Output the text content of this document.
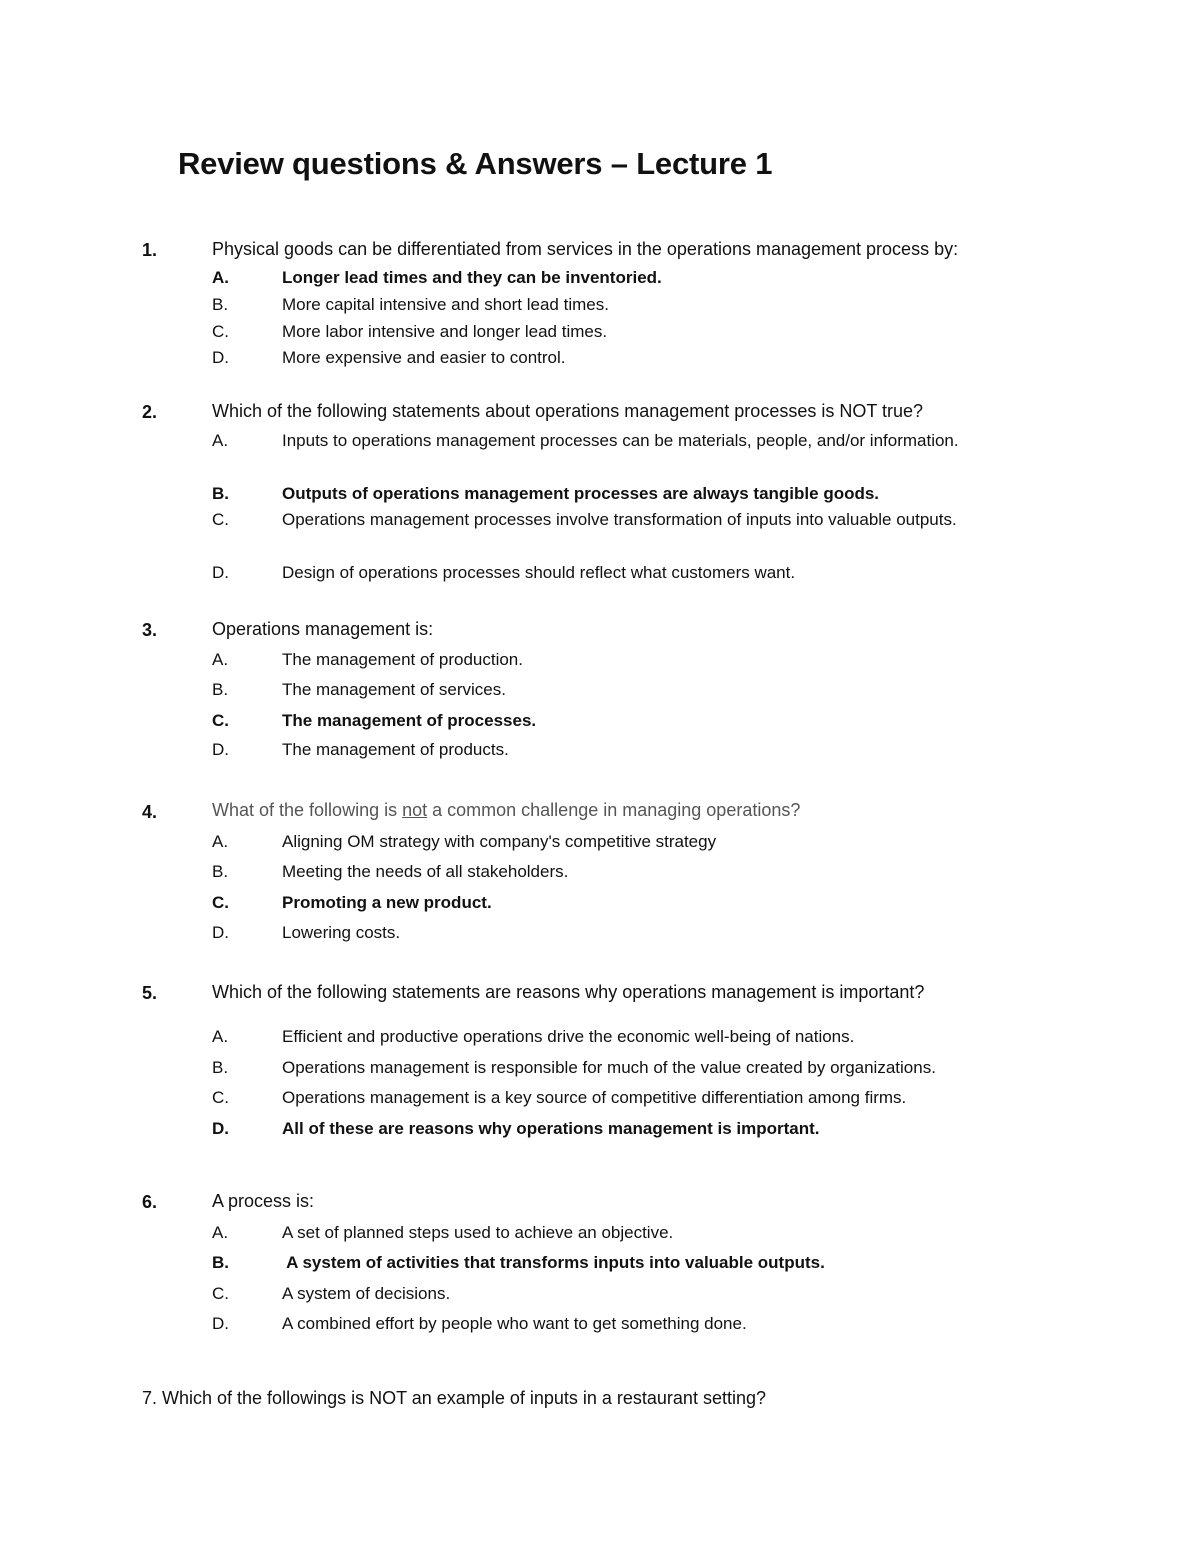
Review questions & Answers – Lecture 1
1.	Physical goods can be differentiated from services in the operations management process by:
A.	Longer lead times and they can be inventoried.
B.	More capital intensive and short lead times.
C.	More labor intensive and longer lead times.
D.	More expensive and easier to control.
2.	Which of the following statements about operations management processes is NOT true?
A.	Inputs to operations management processes can be materials, people, and/or information.
B.	Outputs of operations management processes are always tangible goods.
C.	Operations management processes involve transformation of inputs into valuable outputs.
D.	Design of operations processes should reflect what customers want.
3.	Operations management is:
A.	The management of production.
B.	The management of services.
C.	The management of processes.
D.	The management of products.
4.	What of the following is not a common challenge in managing operations?
A.	Aligning OM strategy with company's competitive strategy
B.	Meeting the needs of all stakeholders.
C.	Promoting a new product.
D.	Lowering costs.
5.	Which of the following statements are reasons why operations management is important?
A.	Efficient and productive operations drive the economic well-being of nations.
B.	Operations management is responsible for much of the value created by organizations.
C.	Operations management is a key source of competitive differentiation among firms.
D.	All of these are reasons why operations management is important.
6.	A process is:
A.	A set of planned steps used to achieve an objective.
B.	A system of activities that transforms inputs into valuable outputs.
C.	A system of decisions.
D.	A combined effort by people who want to get something done.
7. Which of the followings is NOT an example of inputs in a restaurant setting?
